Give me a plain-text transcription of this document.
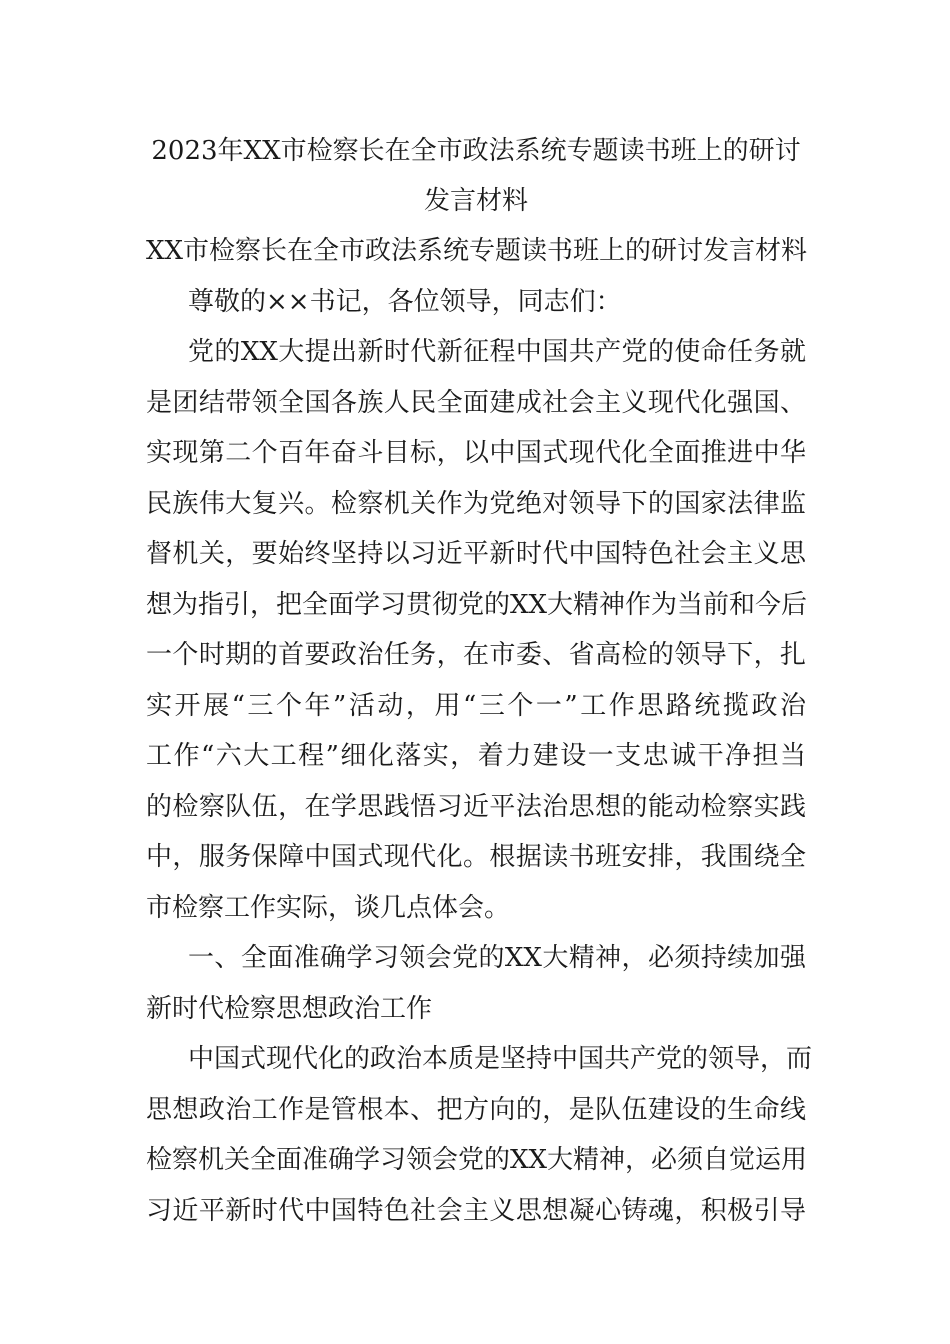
2023年XX市检察长在全市政法系统专题读书班上的研讨
发言材料

XX市检察长在全市政法系统专题读书班上的研讨发言材料

尊敬的××书记，各位领导，同志们：

党的XX大提出新时代新征程中国共产党的使命任务就

是团结带领全国各族人民全面建成社会主义现代化强国、

实现第二个百年奋斗目标，以中国式现代化全面推进中华

民族伟大复兴。检察机关作为党绝对领导下的国家法律监

督机关，要始终坚持以习近平新时代中国特色社会主义思

想为指引，把全面学习贯彻党的XX大精神作为当前和今后

一个时期的首要政治任务，在市委、省高检的领导下，扎

实开展“三个年”活动，用“三个一”工作思路统揽政治

工作“六大工程”细化落实，着力建设一支忠诚干净担当

的检察队伍，在学思践悟习近平法治思想的能动检察实践

中，服务保障中国式现代化。根据读书班安排，我围绕全

市检察工作实际，谈几点体会。

一、全面准确学习领会党的XX大精神，必须持续加强

新时代检察思想政治工作

中国式现代化的政治本质是坚持中国共产党的领导，而

思想政治工作是管根本、把方向的，是队伍建设的生命线

检察机关全面准确学习领会党的XX大精神，必须自觉运用

习近平新时代中国特色社会主义思想凝心铸魂，积极引导
